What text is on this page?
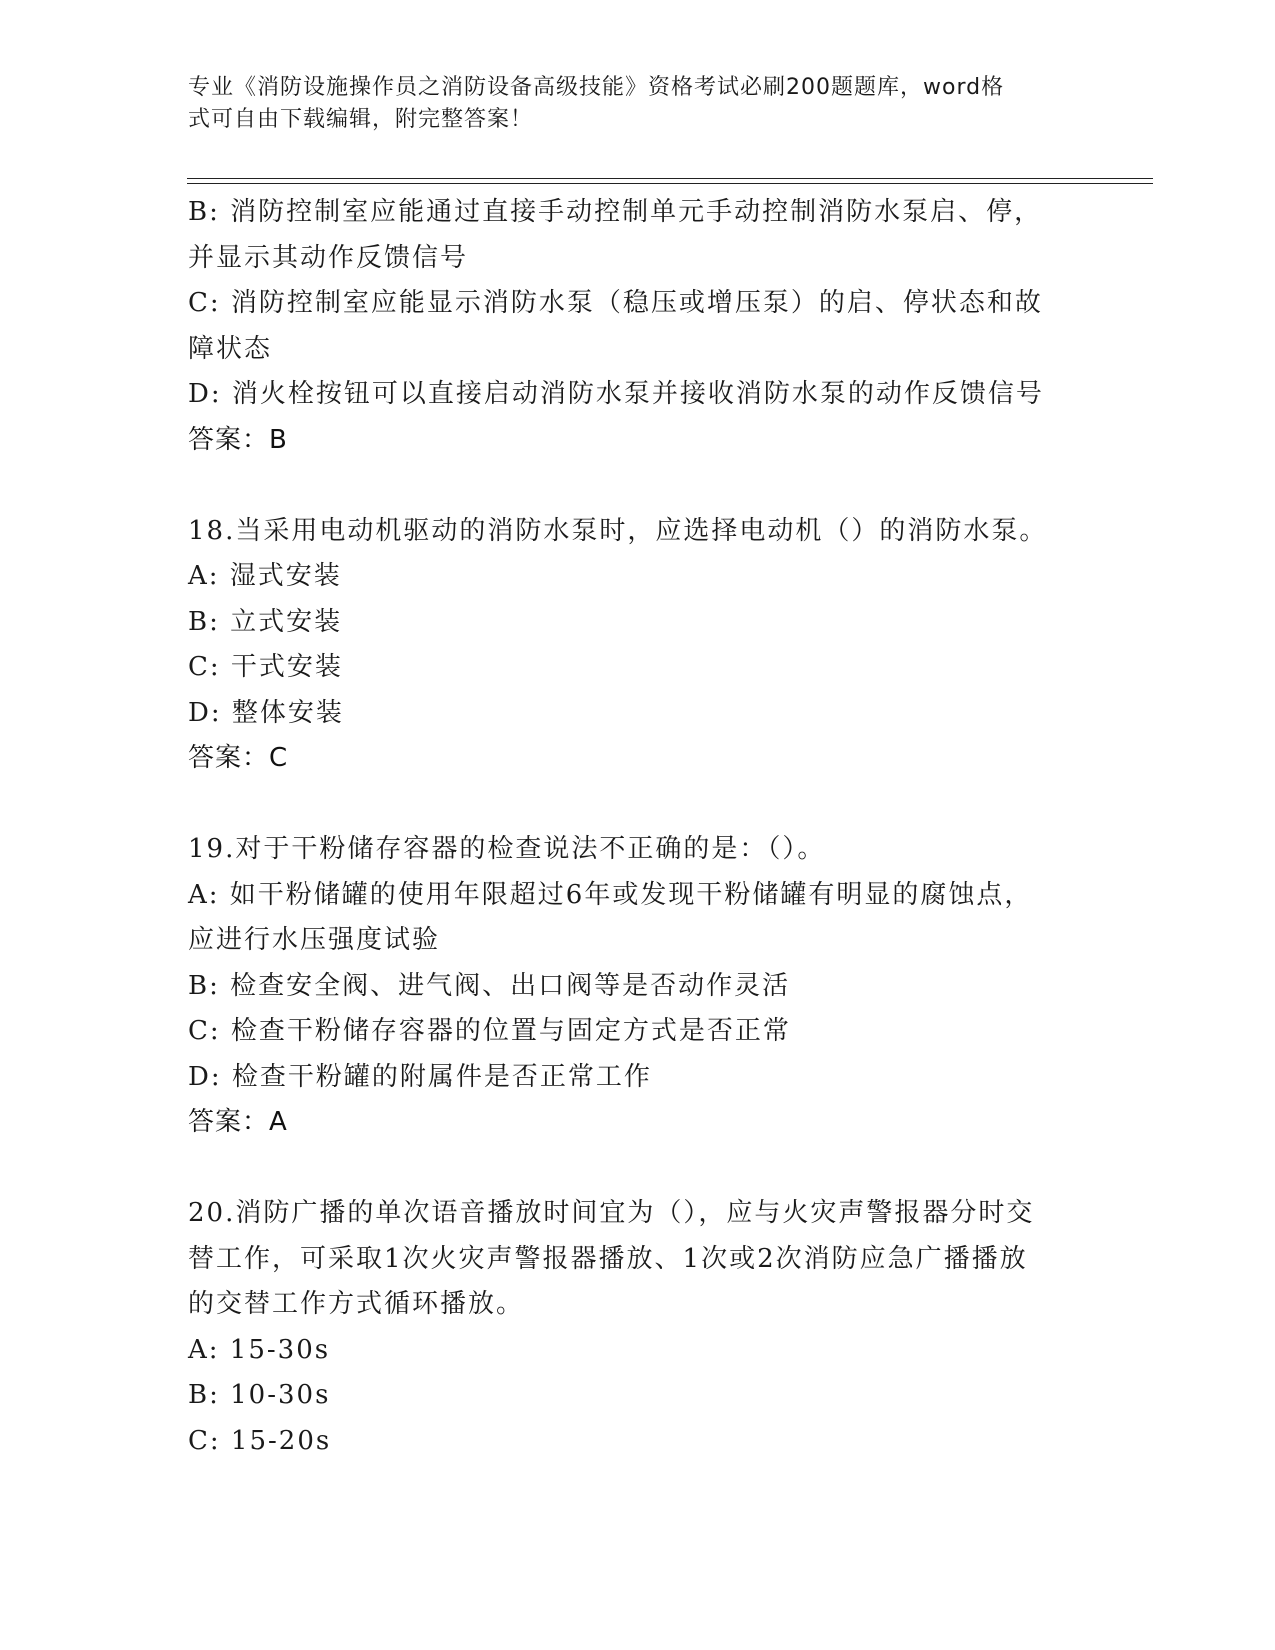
专业《消防设施操作员之消防设备高级技能》资格考试必刷200题题库，word格
式可自由下载编辑，附完整答案！
B: 消防控制室应能通过直接手动控制单元手动控制消防水泵启、停，
并显示其动作反馈信号
C: 消防控制室应能显示消防水泵（稳压或增压泵）的启、停状态和故
障状态
D: 消火栓按钮可以直接启动消防水泵并接收消防水泵的动作反馈信号
答案：B
18.当采用电动机驱动的消防水泵时，应选择电动机（）的消防水泵。
A: 湿式安装
B: 立式安装
C: 干式安装
D: 整体安装
答案：C
19.对于干粉储存容器的检查说法不正确的是：（）。
A: 如干粉储罐的使用年限超过6年或发现干粉储罐有明显的腐蚀点，
应进行水压强度试验
B: 检查安全阀、进气阀、出口阀等是否动作灵活
C: 检查干粉储存容器的位置与固定方式是否正常
D: 检查干粉罐的附属件是否正常工作
答案：A
20.消防广播的单次语音播放时间宜为（），应与火灾声警报器分时交
替工作，可采取1次火灾声警报器播放、1次或2次消防应急广播播放
的交替工作方式循环播放。
A: 15-30s
B: 10-30s
C: 15-20s
